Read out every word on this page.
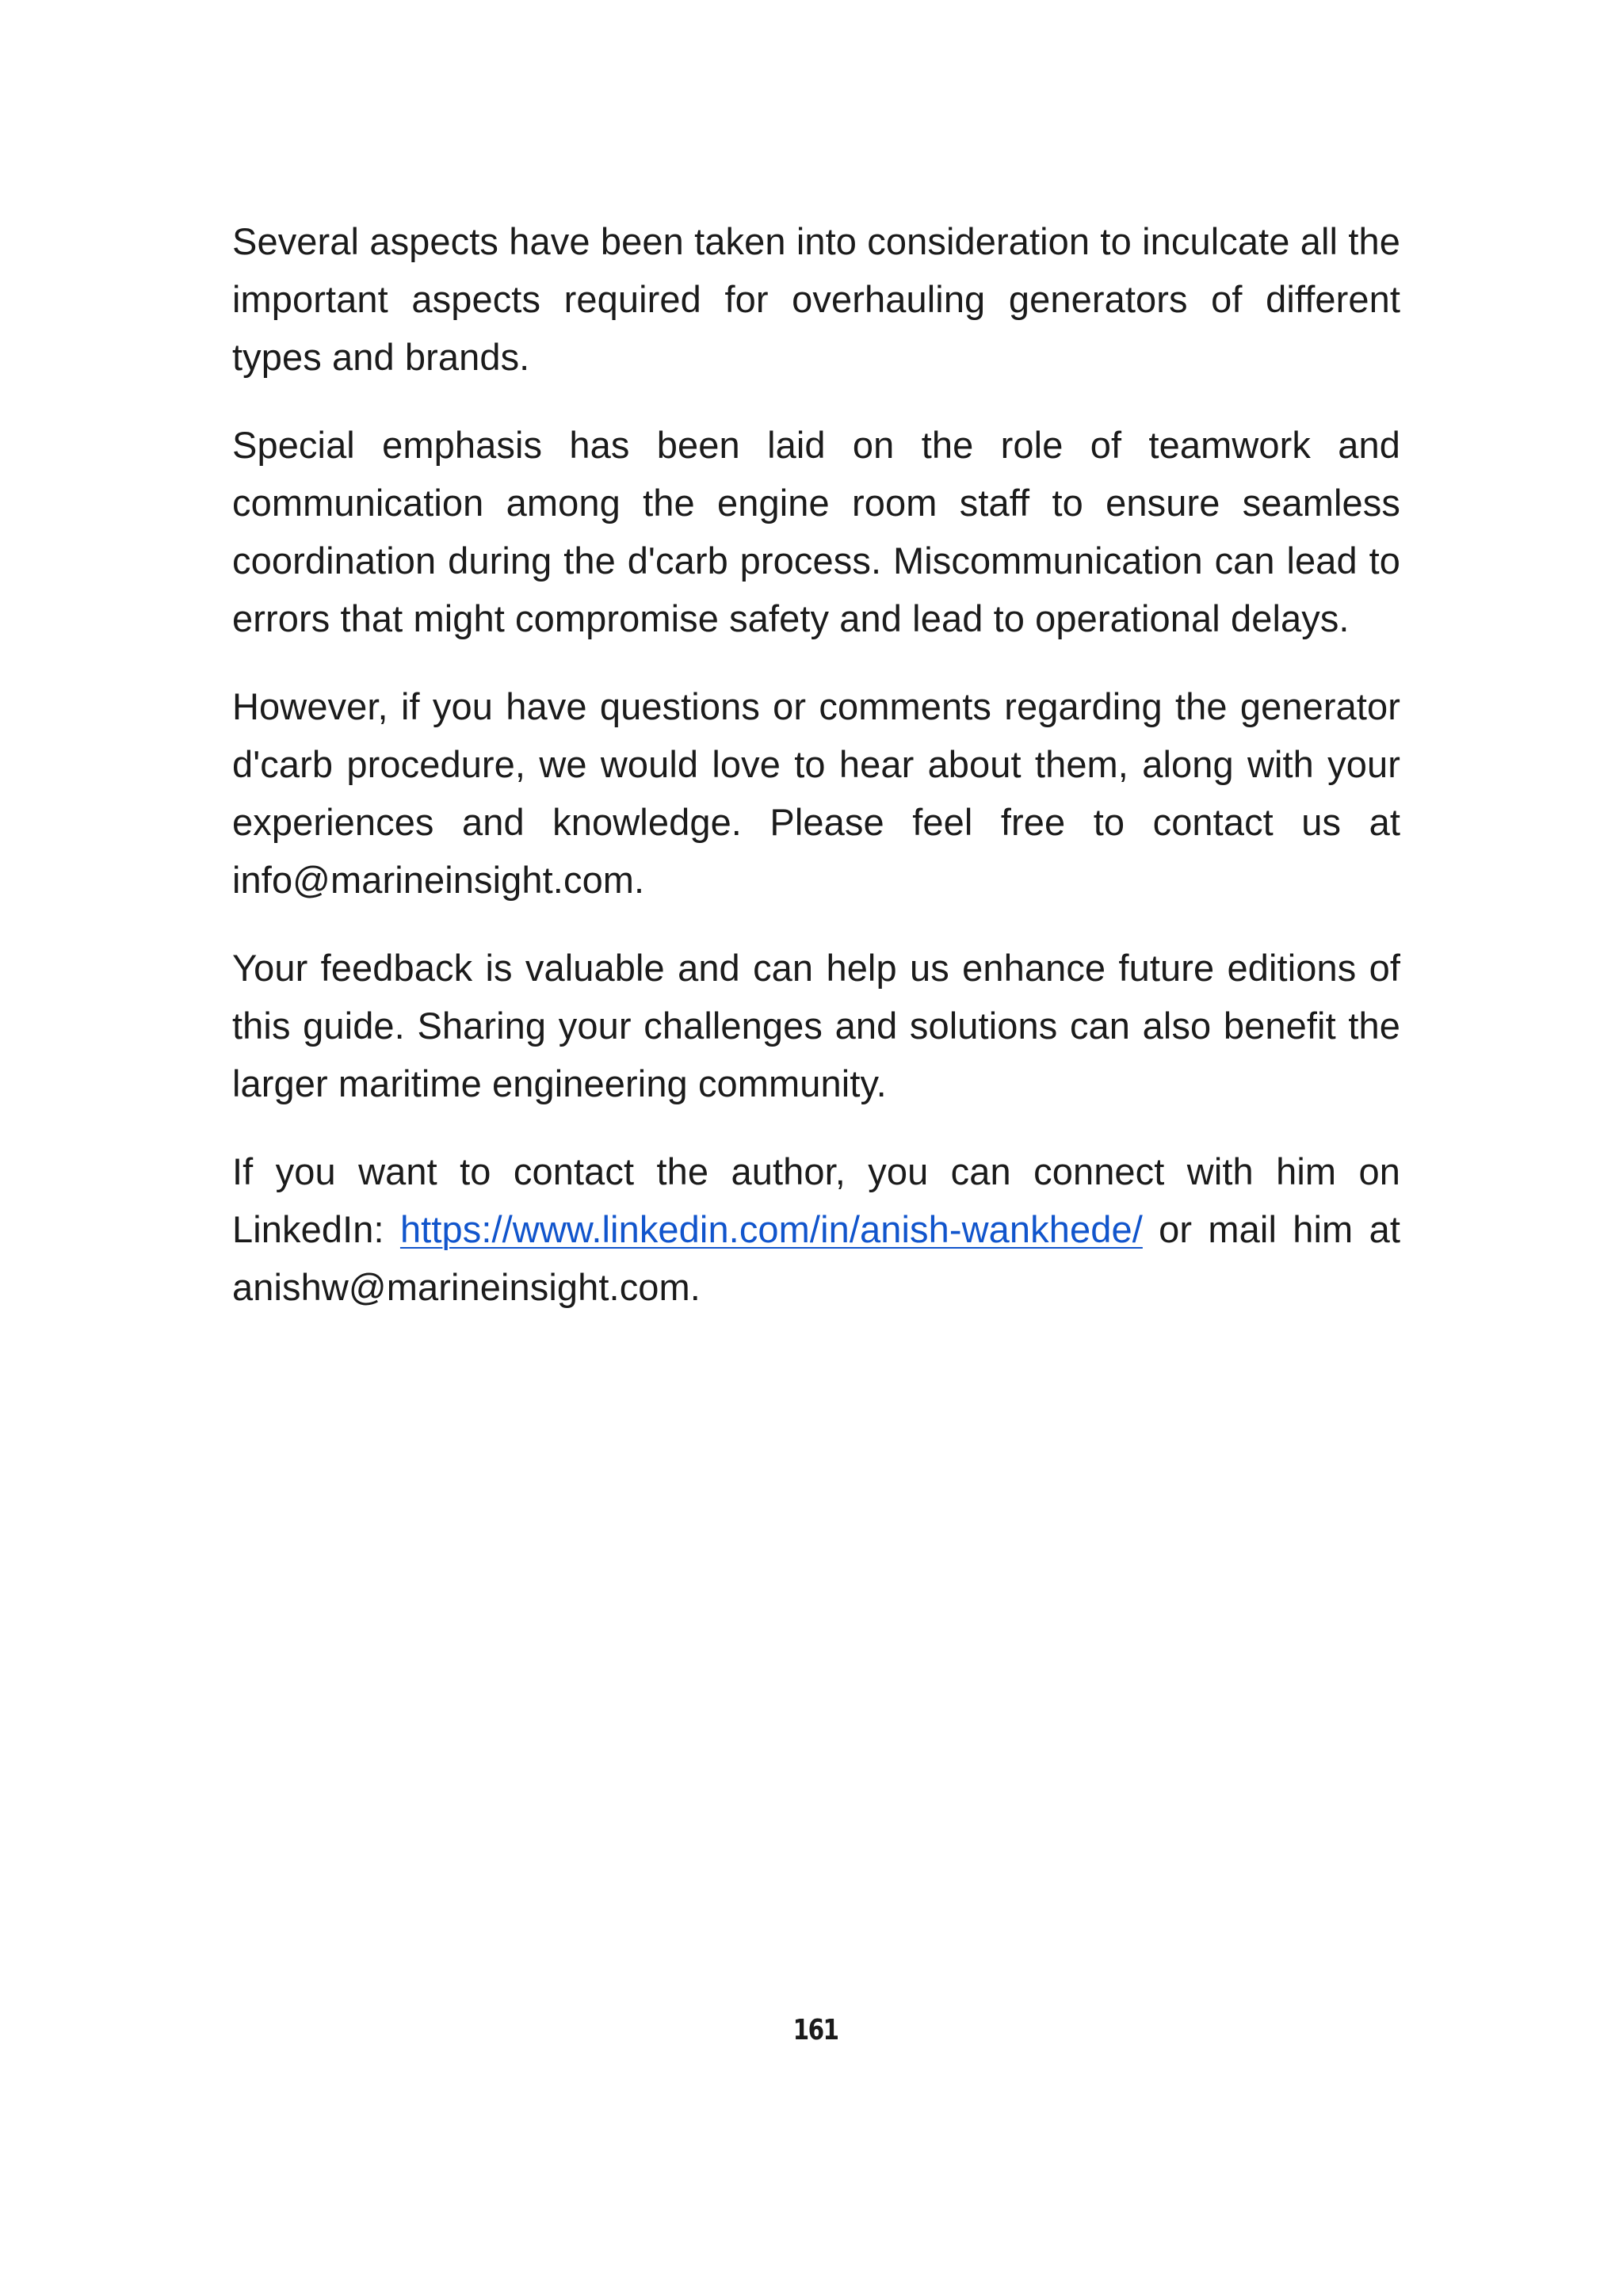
Several aspects have been taken into consideration to inculcate all the important aspects required for overhauling generators of different types and brands.

Special emphasis has been laid on the role of teamwork and communication among the engine room staff to ensure seamless coordination during the d'carb process. Miscommunication can lead to errors that might compromise safety and lead to operational delays.

However, if you have questions or comments regarding the generator d'carb procedure, we would love to hear about them, along with your experiences and knowledge. Please feel free to contact us at info@marineinsight.com.

Your feedback is valuable and can help us enhance future editions of this guide. Sharing your challenges and solutions can also benefit the larger maritime engineering community.

If you want to contact the author, you can connect with him on LinkedIn: https://www.linkedin.com/in/anish-wankhede/ or mail him at anishw@marineinsight.com.

161
